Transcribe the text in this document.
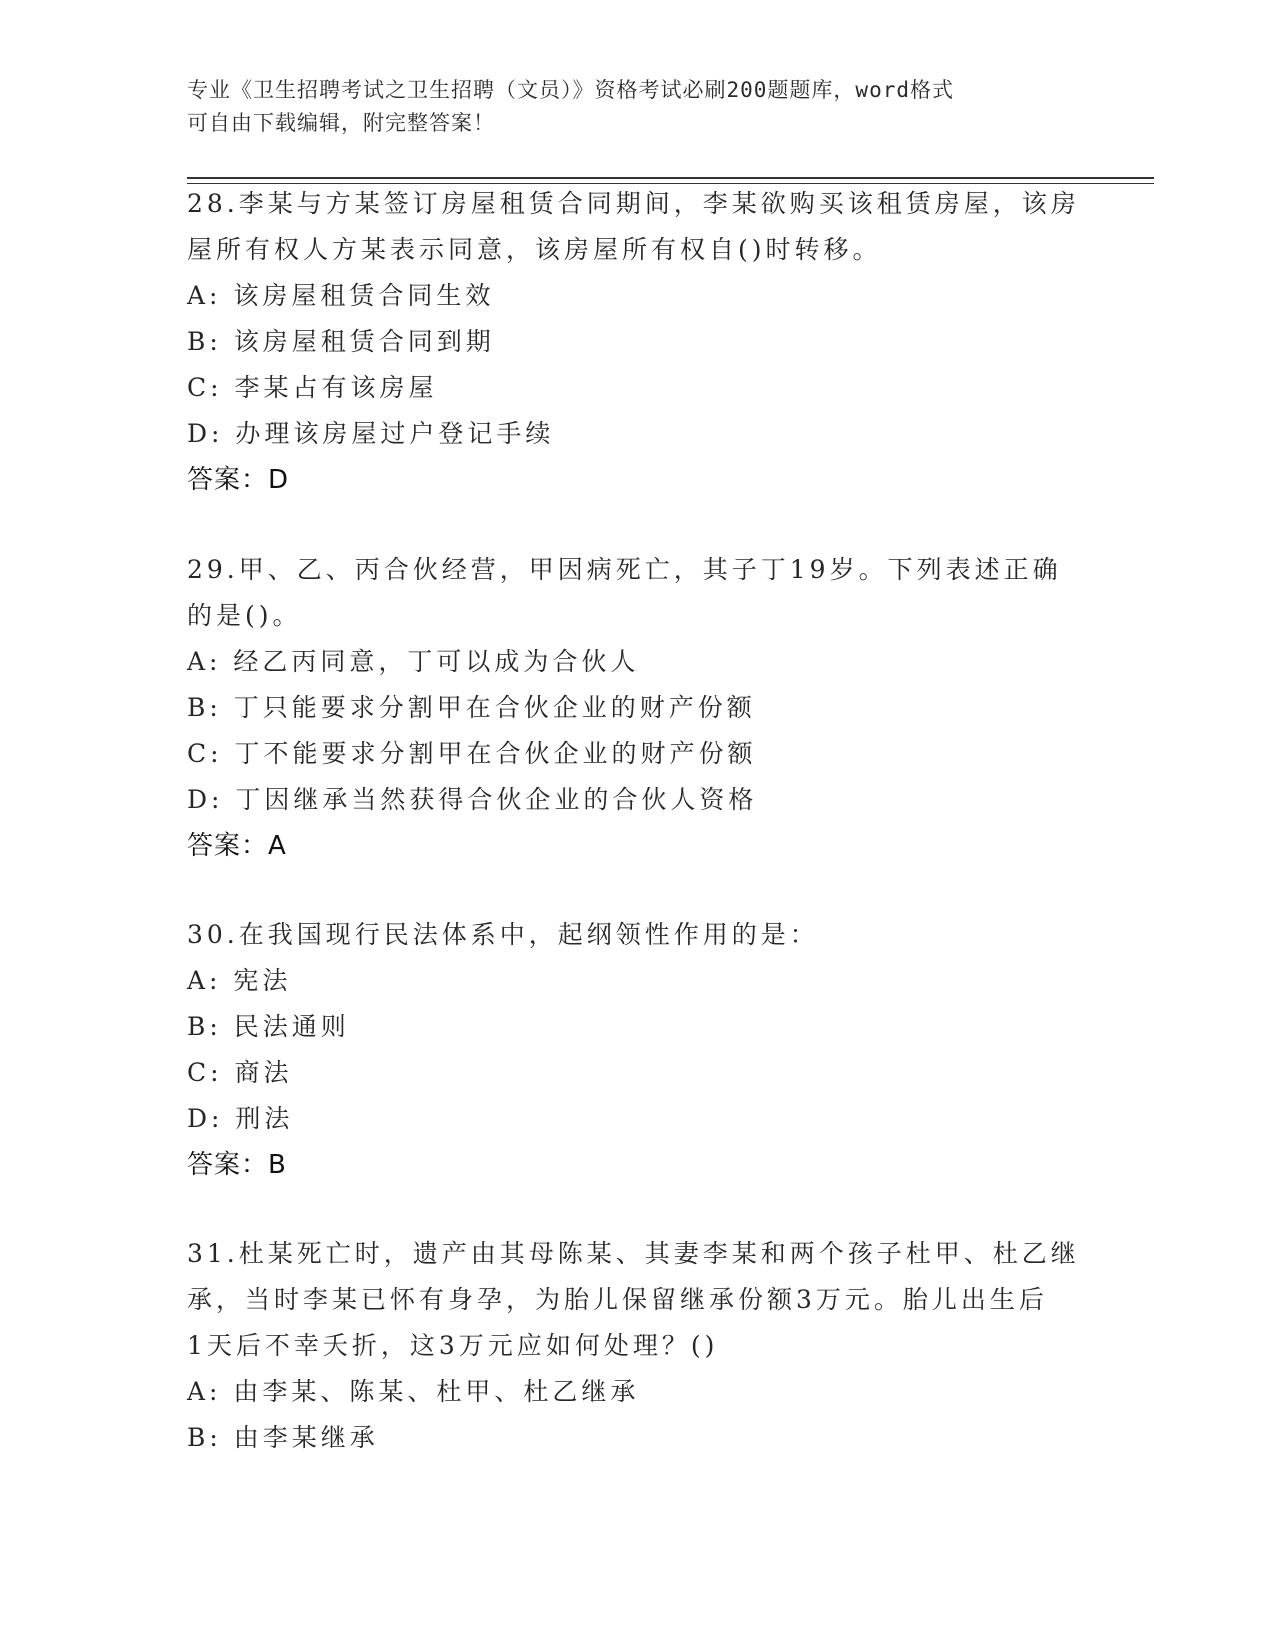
专业《卫生招聘考试之卫生招聘（文员）》资格考试必刷200题题库，word格式
可自由下载编辑，附完整答案！
28.李某与方某签订房屋租赁合同期间，李某欲购买该租赁房屋，该房
屋所有权人方某表示同意，该房屋所有权自()时转移。
A: 该房屋租赁合同生效
B: 该房屋租赁合同到期
C: 李某占有该房屋
D: 办理该房屋过户登记手续
答案：D
29.甲、乙、丙合伙经营，甲因病死亡，其子丁19岁。下列表述正确
的是()。
A: 经乙丙同意，丁可以成为合伙人
B: 丁只能要求分割甲在合伙企业的财产份额
C: 丁不能要求分割甲在合伙企业的财产份额
D: 丁因继承当然获得合伙企业的合伙人资格
答案：A
30.在我国现行民法体系中，起纲领性作用的是：
A: 宪法
B: 民法通则
C: 商法
D: 刑法
答案：B
31.杜某死亡时，遗产由其母陈某、其妻李某和两个孩子杜甲、杜乙继
承，当时李某已怀有身孕，为胎儿保留继承份额3万元。胎儿出生后
1天后不幸夭折，这3万元应如何处理？()
A: 由李某、陈某、杜甲、杜乙继承
B: 由李某继承
